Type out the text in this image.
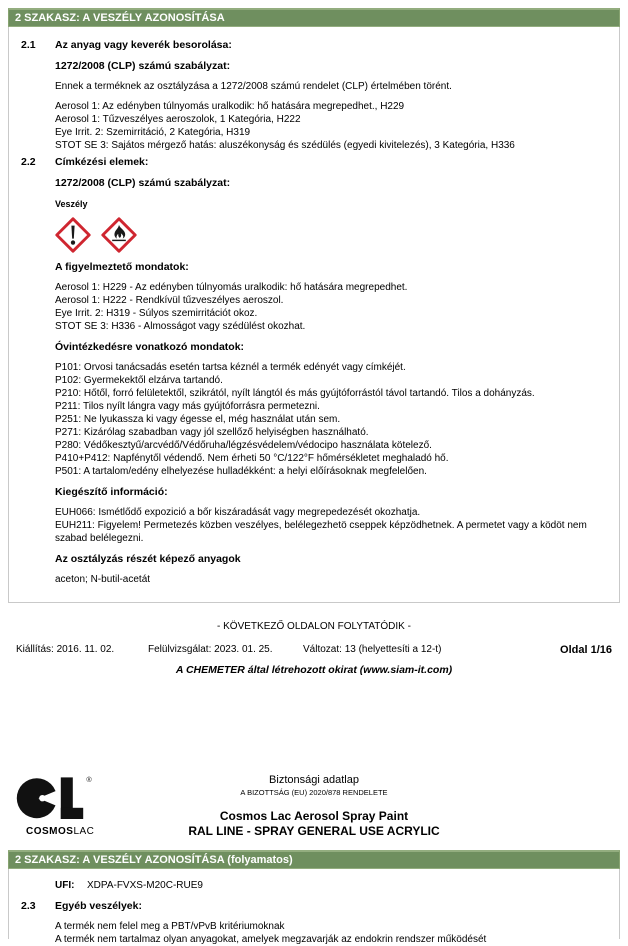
2 SZAKASZ: A VESZÉLY AZONOSÍTÁSA
2.1	Az anyag vagy keverék besorolása:
1272/2008 (CLP) számú szabályzat:
Ennek a terméknek az osztályzása a 1272/2008 számú rendelet (CLP) értelmében törént.
Aerosol 1: Az edényben túlnyomás uralkodik: hő hatására megrepedhet., H229
Aerosol 1: Tűzveszélyes aeroszolok, 1 Kategória, H222
Eye Irrit. 2: Szemirritáció, 2 Kategória, H319
STOT SE 3: Sajátos mérgező hatás: aluszékonyság és szédülés (egyedi kivitelezés), 3 Kategória, H336
2.2	Címkézési elemek:
1272/2008 (CLP) számú szabályzat:
Veszély
A figyelmeztető mondatok:
Aerosol 1: H229 - Az edényben túlnyomás uralkodik: hő hatására megrepedhet.
Aerosol 1: H222 - Rendkívül tűzveszélyes aeroszol.
Eye Irrit. 2: H319 - Súlyos szemirritációt okoz.
STOT SE 3: H336 - Almosságot vagy szédülést okozhat.
Óvintézkedésre vonatkozó mondatok:
P101: Orvosi tanácsadás esetén tartsa kéznél a termék edényét vagy címkéjét.
P102: Gyermekektől elzárva tartandó.
P210: Hőtől, forró felületektől, szikrától, nyílt lángtól és más gyújtóforrástól távol tartandó. Tilos a dohányzás.
P211: Tilos nyílt lángra vagy más gyújtóforrásra permetezni.
P251: Ne lyukassza ki vagy égesse el, még használat után sem.
P271: Kizárólag szabadban vagy jól szellőző helyiségben használható.
P280: Védőkesztyű/arcvédő/Védőruha/légzésvédelem/védocipo használata kötelező.
P410+P412: Napfénytől védendő. Nem érheti 50 °C/122°F hőmérsékletet meghaladó hő.
P501: A tartalom/edény elhelyezése hulladékként: a helyi előírásoknak megfelelően.
Kiegészítő információ:
EUH066: Ismétlődő expozició a bőr kiszáradását vagy megrepedezését okozhatja.
EUH211: Figyelem! Permetezés közben veszélyes, belélegezhetö cseppek képzödhetnek. A permetet vagy a ködöt nem szabad belélegezni.
Az osztályzás részét képező anyagok
aceton; N-butil-acetát
- KÖVETKEZŐ OLDALON FOLYTATÓDIK -
Kiállítás: 2016. 11. 02.	Felülvizsgálat: 2023. 01. 25.	Változat: 13 (helyettesíti a 12-t)	Oldal 1/16
A CHEMETER által létrehozott okirat (www.siam-it.com)
®
COSMOSLAC
Biztonsági adatlap
A BIZOTTSÁG (EU) 2020/878 RENDELETE
Cosmos Lac Aerosol Spray Paint
RAL LINE - SPRAY GENERAL USE ACRYLIC
2 SZAKASZ: A VESZÉLY AZONOSÍTÁSA (folyamatos)
UFI:	XDPA-FVXS-M20C-RUE9
2.3	Egyéb veszélyek:
A termék nem felel meg a PBT/vPvB kritériumoknak
A termék nem tartalmaz olyan anyagokat, amelyek megzavarják az endokrin rendszer működését
